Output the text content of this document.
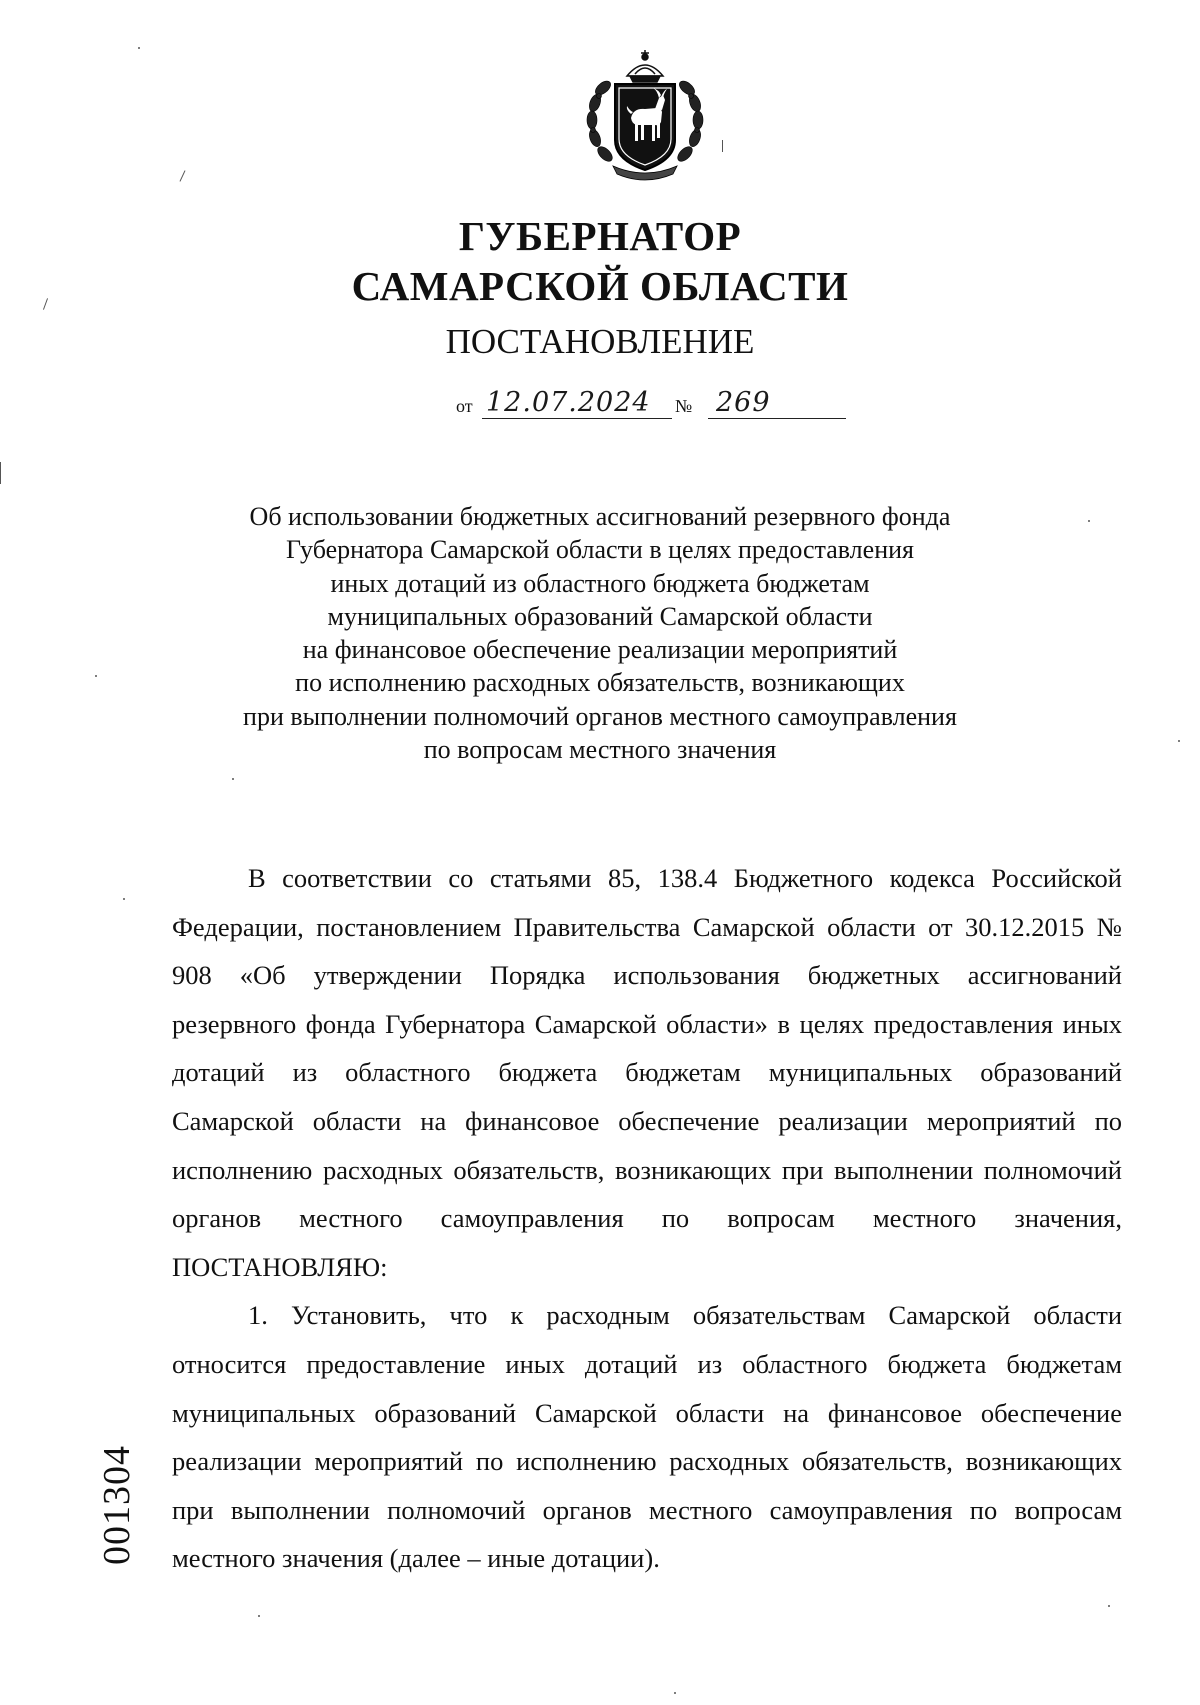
ГУБЕРНАТОР
САМАРСКОЙ ОБЛАСТИ
ПОСТАНОВЛЕНИЕ
от 12.07.2024 № 269
Об использовании бюджетных ассигнований резервного фонда
Губернатора Самарской области в целях предоставления
иных дотаций из областного бюджета бюджетам
муниципальных образований Самарской области
на финансовое обеспечение реализации мероприятий
по исполнению расходных обязательств, возникающих
при выполнении полномочий органов местного самоуправления
по вопросам местного значения

В соответствии со статьями 85, 138.4 Бюджетного кодекса Российской Федерации, постановлением Правительства Самарской области от 30.12.2015 № 908 «Об утверждении Порядка использования бюджетных ассигнований резервного фонда Губернатора Самарской области» в целях предоставления иных дотаций из областного бюджета бюджетам муниципальных образований Самарской области на финансовое обеспечение реализации мероприятий по исполнению расходных обязательств, возникающих при выполнении полномочий органов местного самоуправления по вопросам местного значения, ПОСТАНОВЛЯЮ:

1. Установить, что к расходным обязательствам Самарской области относится предоставление иных дотаций из областного бюджета бюджетам муниципальных образований Самарской области на финансовое обеспечение реализации мероприятий по исполнению расходных обязательств, возникающих при выполнении полномочий органов местного самоуправления по вопросам местного значения (далее – иные дотации).

001304
